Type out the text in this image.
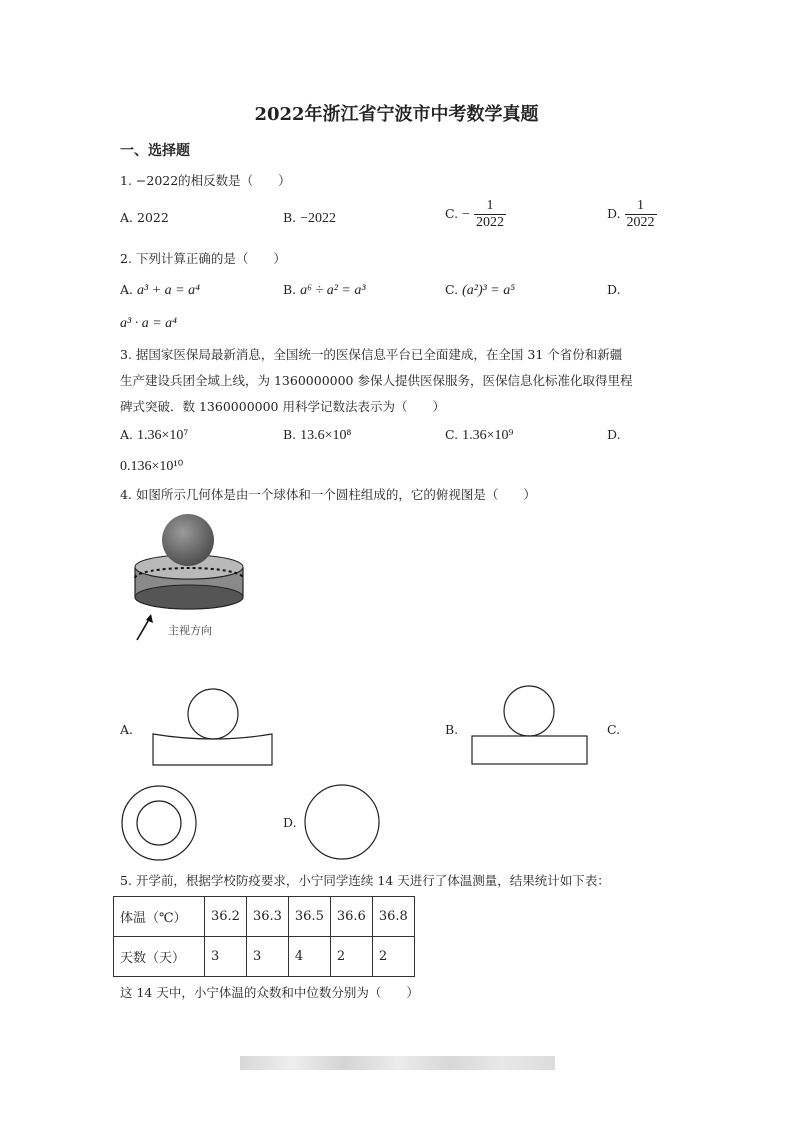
2022年浙江省宁波市中考数学真题
一、选择题
1. −2022的相反数是（　　）
A. 2022	B. −2022	C. − $\frac{1}{2022}$	D. $\frac{1}{2022}$
2. 下列计算正确的是（　　）
A. a³ + a = a⁴	B. a⁶ ÷ a² = a³	C. (a²)³ = a⁵	D.
a³ · a = a⁴
3. 据国家医保局最新消息，全国统一的医保信息平台已全面建成，在全国 31 个省份和新疆
生产建设兵团全域上线，为 1360000000 参保人提供医保服务，医保信息化标准化取得里程
碑式突破．数 1360000000 用科学记数法表示为（　　）
A. 1.36×10⁷	B. 13.6×10⁸	C. 1.36×10⁹	D.
0.136×10¹⁰
4. 如图所示几何体是由一个球体和一个圆柱组成的，它的俯视图是（　　）
主视方向
A.	B.	C.
D.
5. 开学前，根据学校防疫要求，小宁同学连续 14 天进行了体温测量，结果统计如下表：
体温（℃）	36.2	36.3	36.5	36.6	36.8
天数（天）	3	3	4	2	2
这 14 天中，小宁体温的众数和中位数分别为（　　）
